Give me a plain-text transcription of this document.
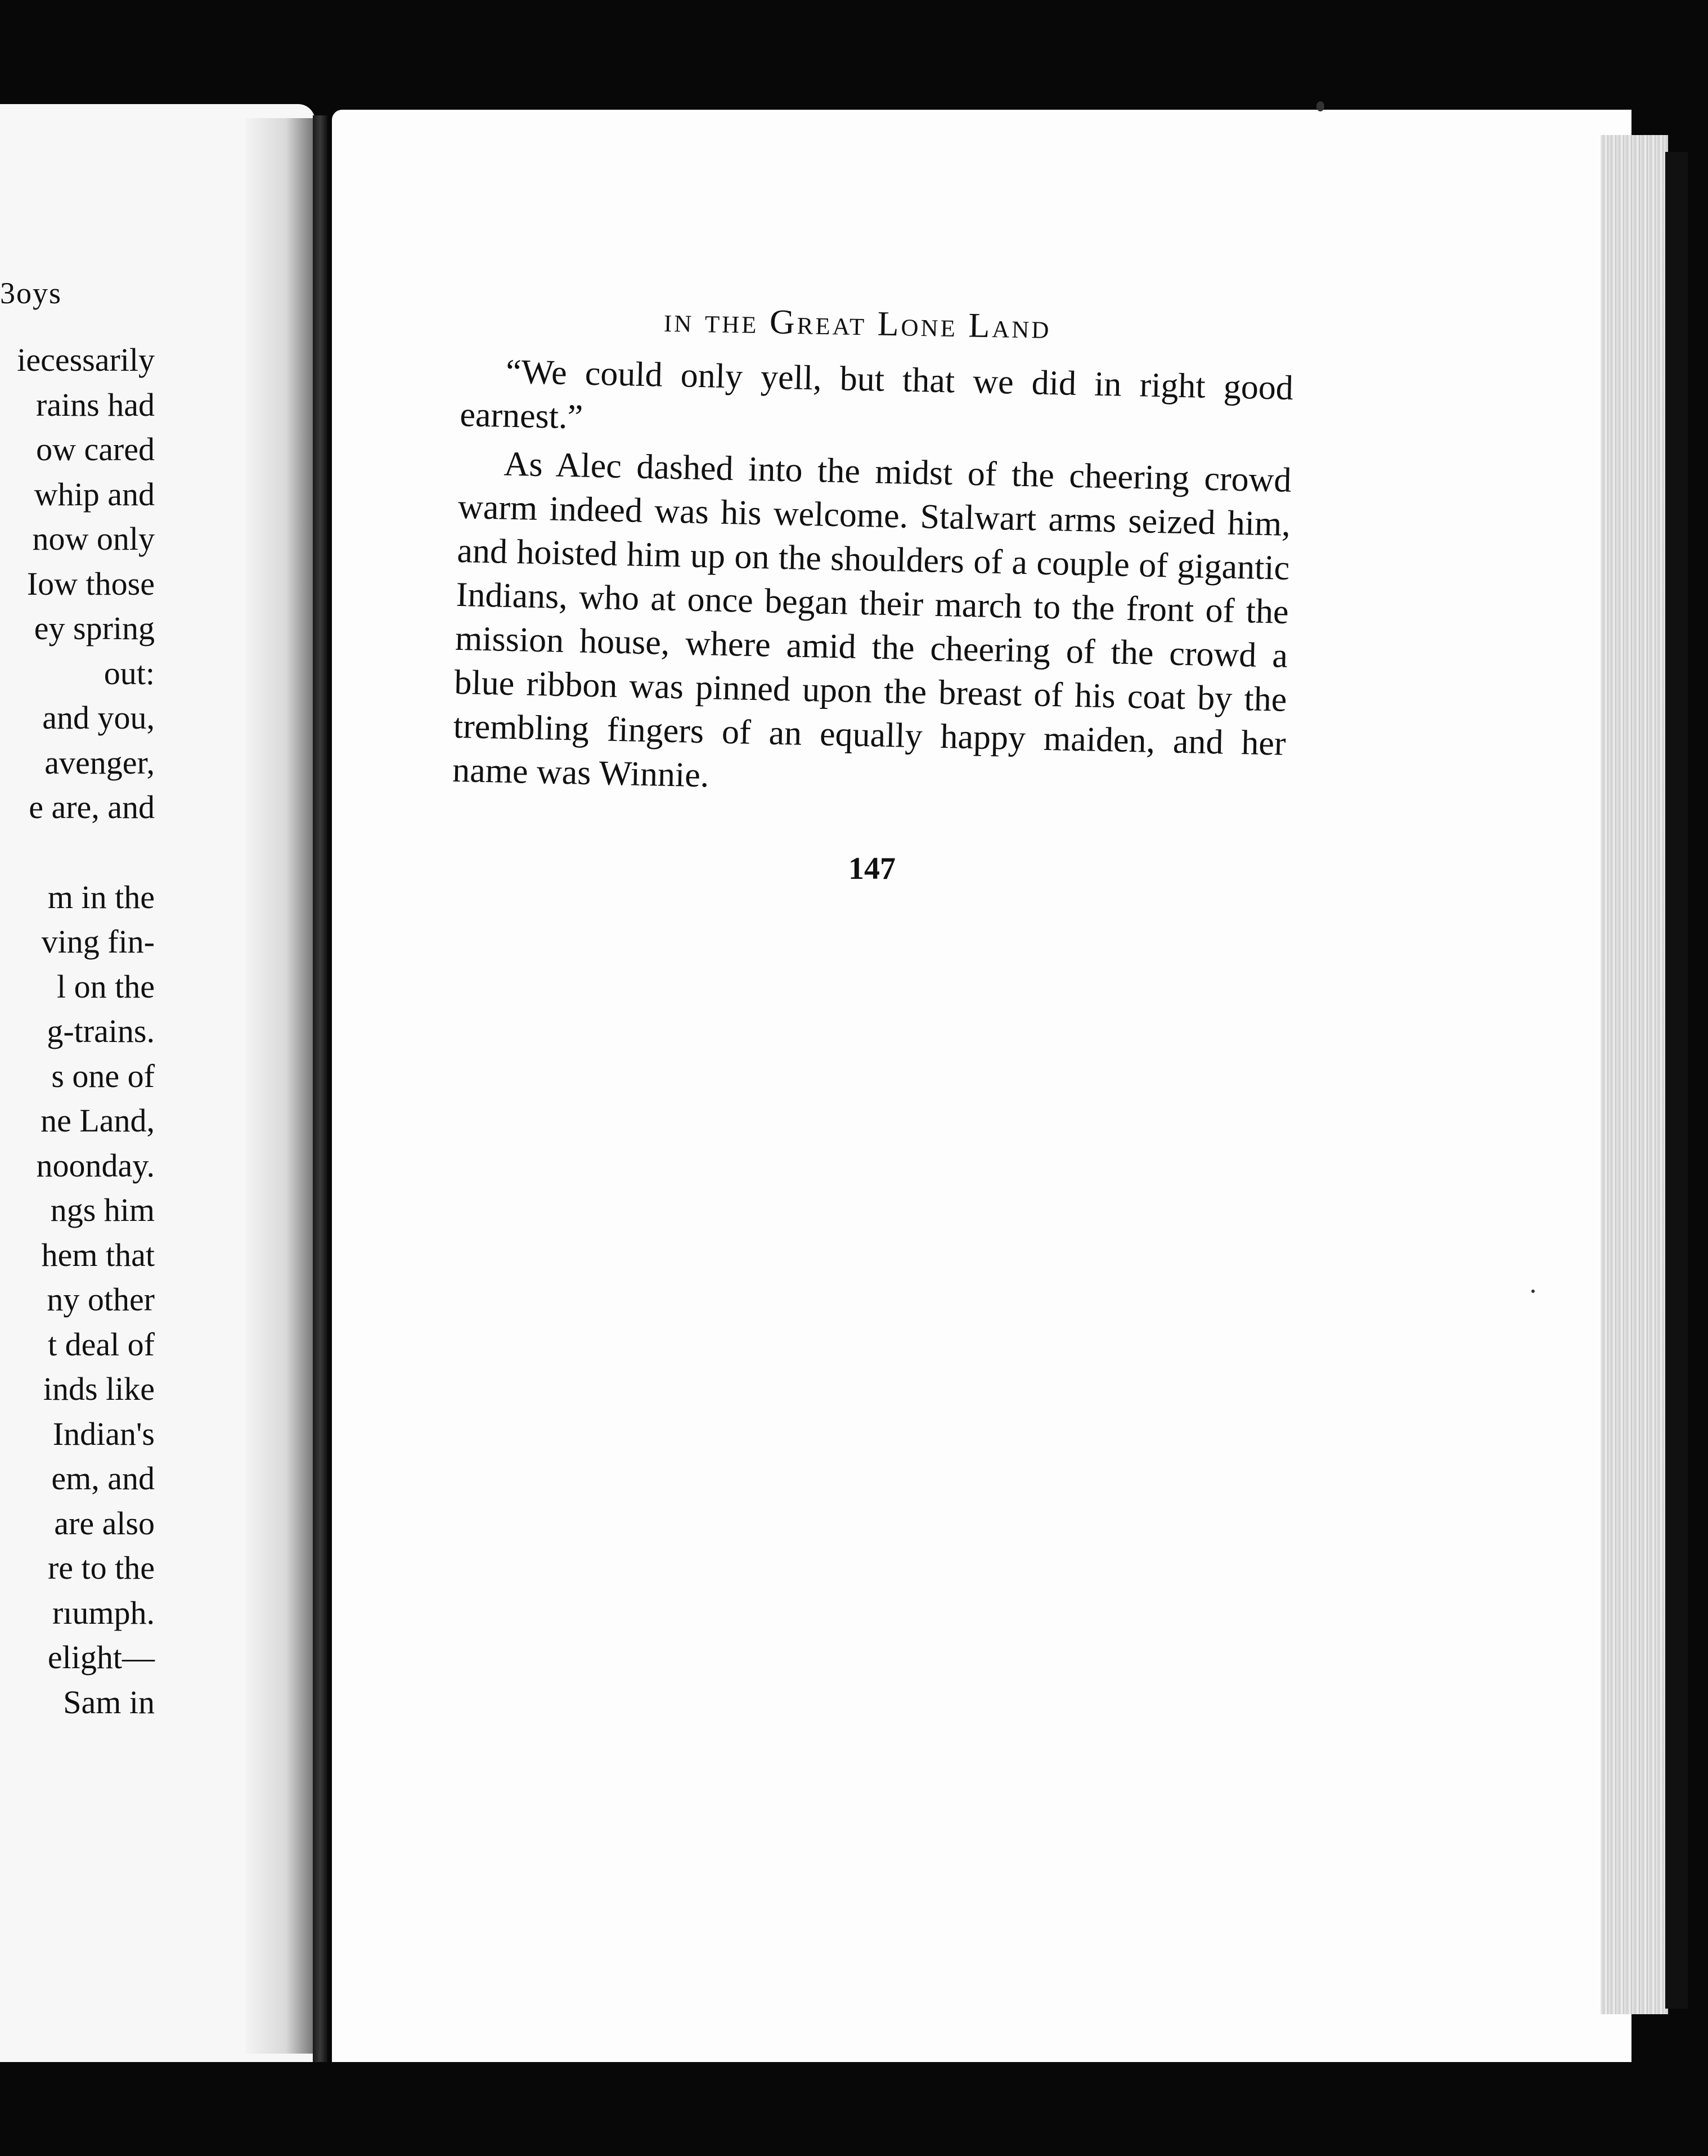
3oys
iecessarily
rains had
ow cared
whip and
now only
Iow those
ey spring
out:
and you,
avenger,
e are, and
m in the
ving fin-
l on the
g-trains.
s one of
ne Land,
noonday.
ngs him
hem that
ny other
t deal of
inds like
Indian's
em, and
are also
re to the
rıumph.
elight—
Sam in
in the Great Lone Land

“We could only yell, but that we did in right good earnest.”

As Alec dashed into the midst of the cheering crowd warm indeed was his welcome. Stalwart arms seized him, and hoisted him up on the shoulders of a couple of gigantic Indians, who at once began their march to the front of the mission house, where amid the cheering of the crowd a blue ribbon was pinned upon the breast of his coat by the trembling fingers of an equally happy maiden, and her name was Winnie.

147
